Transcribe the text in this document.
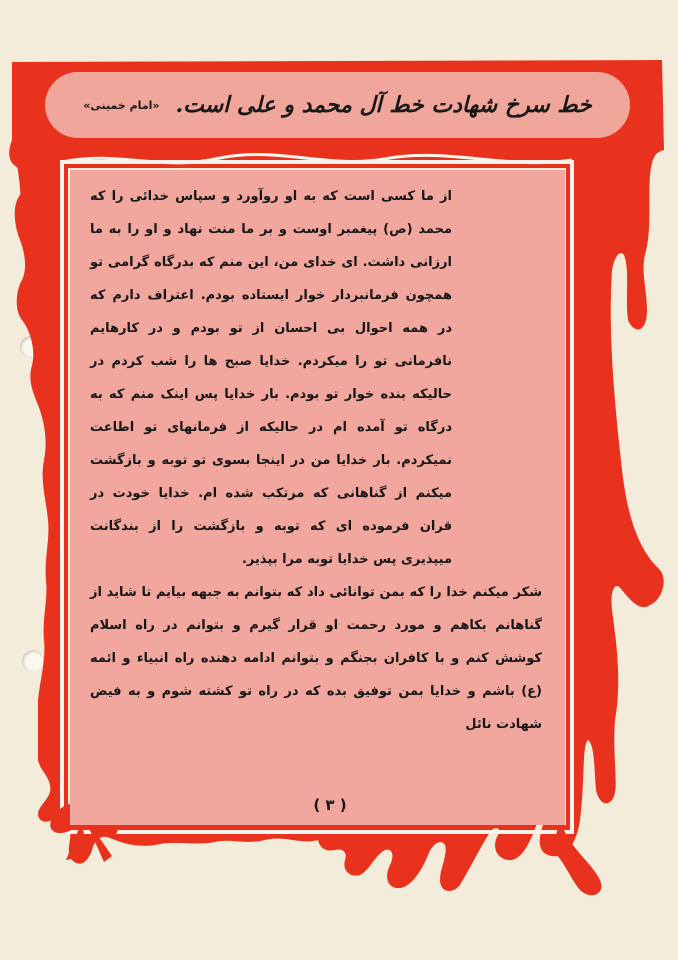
خط سرخ شهادت خط آل محمد و علی است.
«امام خمینی»

از ما کسی است که به او روآورد و سپاس خدائی را که محمد (ص) پیغمبر اوست و بر ما منت نهاد و او را به ما ارزانی داشت. ای خدای من، این منم که بدرگاه گرامی تو همچون فرمانبردار خوار ایستاده بودم. اعتراف دارم که در همه احوال بی احسان از تو بودم و در کارهایم نافرمانی تو را میکردم. خدایا صبح ها را شب کردم در حالیکه بنده خوار تو بودم. بار خدایا پس اینک منم که به درگاه تو آمده ام در حالیکه از فرمانهای تو اطاعت نمیکردم. بار خدایا من در اینجا بسوی تو توبه و بازگشت میکنم از گناهانی که مرتکب شده ام. خدایا خودت در قران فرموده ای که توبه و بازگشت را از بندگانت میپذیری پس خدایا توبه مرا بپذیر.

شکر میکنم خدا را که بمن توانائی داد که بتوانم به جبهه بیایم تا شاید از گناهانم بکاهم و مورد رحمت او قرار گیرم و بتوانم در راه اسلام کوشش کنم و با کافران بجنگم و بتوانم ادامه دهنده راه انبیاء و ائمه (ع) باشم و خدایا بمن توفیق بده که در راه تو کشته شوم و به فیض شهادت نائل

( ۳ )
